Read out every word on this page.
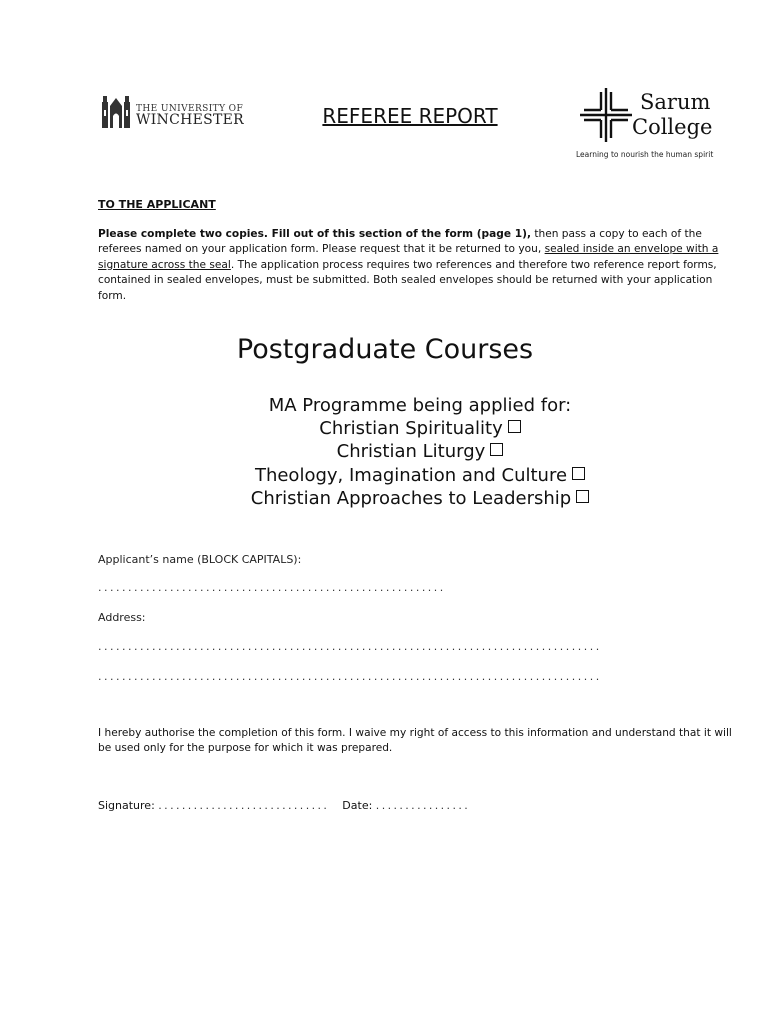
THE UNIVERSITY OF
WINCHESTER	REFEREE REPORT
Sarum
College
Learning to nourish the human spirit
TO THE APPLICANT
Please complete two copies. Fill out of this section of the form (page 1), then pass a copy to each of the referees named on your application form. Please request that it be returned to you, sealed inside an envelope with a signature across the seal. The application process requires two references and therefore two reference report forms, contained in sealed envelopes, must be submitted. Both sealed envelopes should be returned with your application form.
Postgraduate Courses
MA Programme being applied for:
Christian Spirituality
Christian Liturgy
Theology, Imagination and Culture
Christian Approaches to Leadership
Applicant’s name (BLOCK CAPITALS):
..........................................................
Address:
....................................................................................
....................................................................................
I hereby authorise the completion of this form. I waive my right of access to this information and understand that it will be used only for the purpose for which it was prepared.
Signature: ............................. Date: ................
